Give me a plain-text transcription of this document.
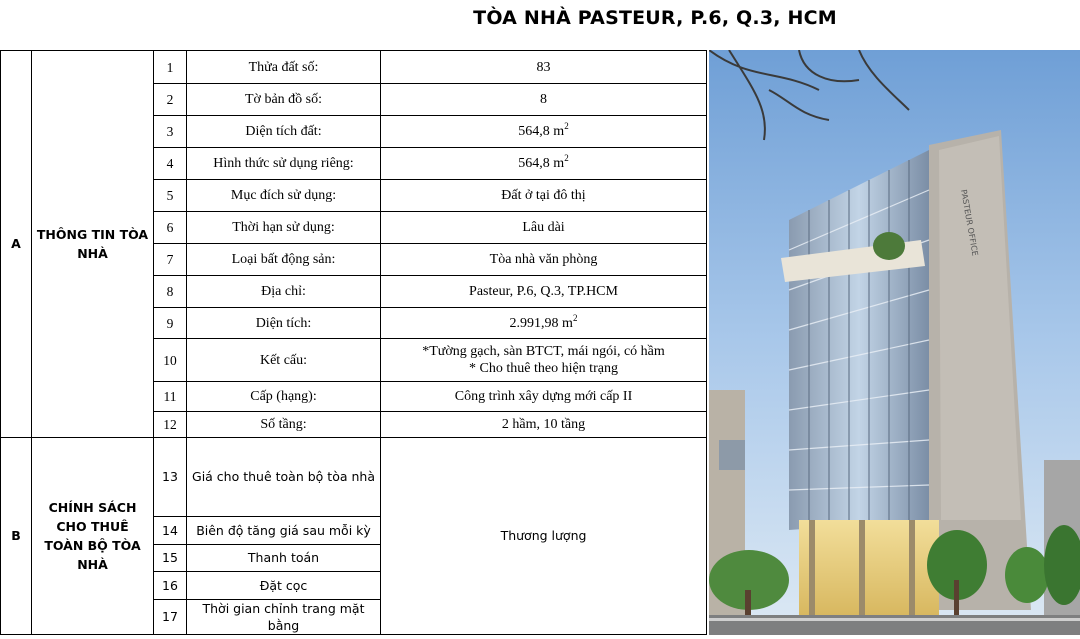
TÒA NHÀ PASTEUR, P.6, Q.3, HCM
A	THÔNG TIN TÒA NHÀ	1	Thửa đất số:	83
		2	Tờ bản đồ số:	8
		3	Diện tích đất:	564,8 $m^2$
		4	Hình thức sử dụng riêng:	564,8 $m^2$
		5	Mục đích sử dụng:	Đất ở tại đô thị
		6	Thời hạn sử dụng:	Lâu dài
		7	Loại bất động sản:	Tòa nhà văn phòng
		8	Địa chỉ:	Pasteur, P.6, Q.3, TP.HCM
		9	Diện tích:	2.991,98 $m^2$
		10	Kết cấu:	*Tường gạch, sàn BTCT, mái ngói, có hầm
* Cho thuê theo hiện trạng

		11	Cấp (hạng):	Công trình xây dựng mới cấp II
		12	Số tầng:	2 hầm, 10 tầng
B	CHÍNH SÁCH CHO THUÊ TOÀN BỘ TÒA NHÀ	13	Giá cho thuê toàn bộ tòa nhà	Thương lượng
		14	Biên độ tăng giá sau mỗi kỳ	
		15	Thanh toán	
		16	Đặt cọc	
		17	Thời gian chỉnh trang mặt bằng	
PASTEUR OFFICE
